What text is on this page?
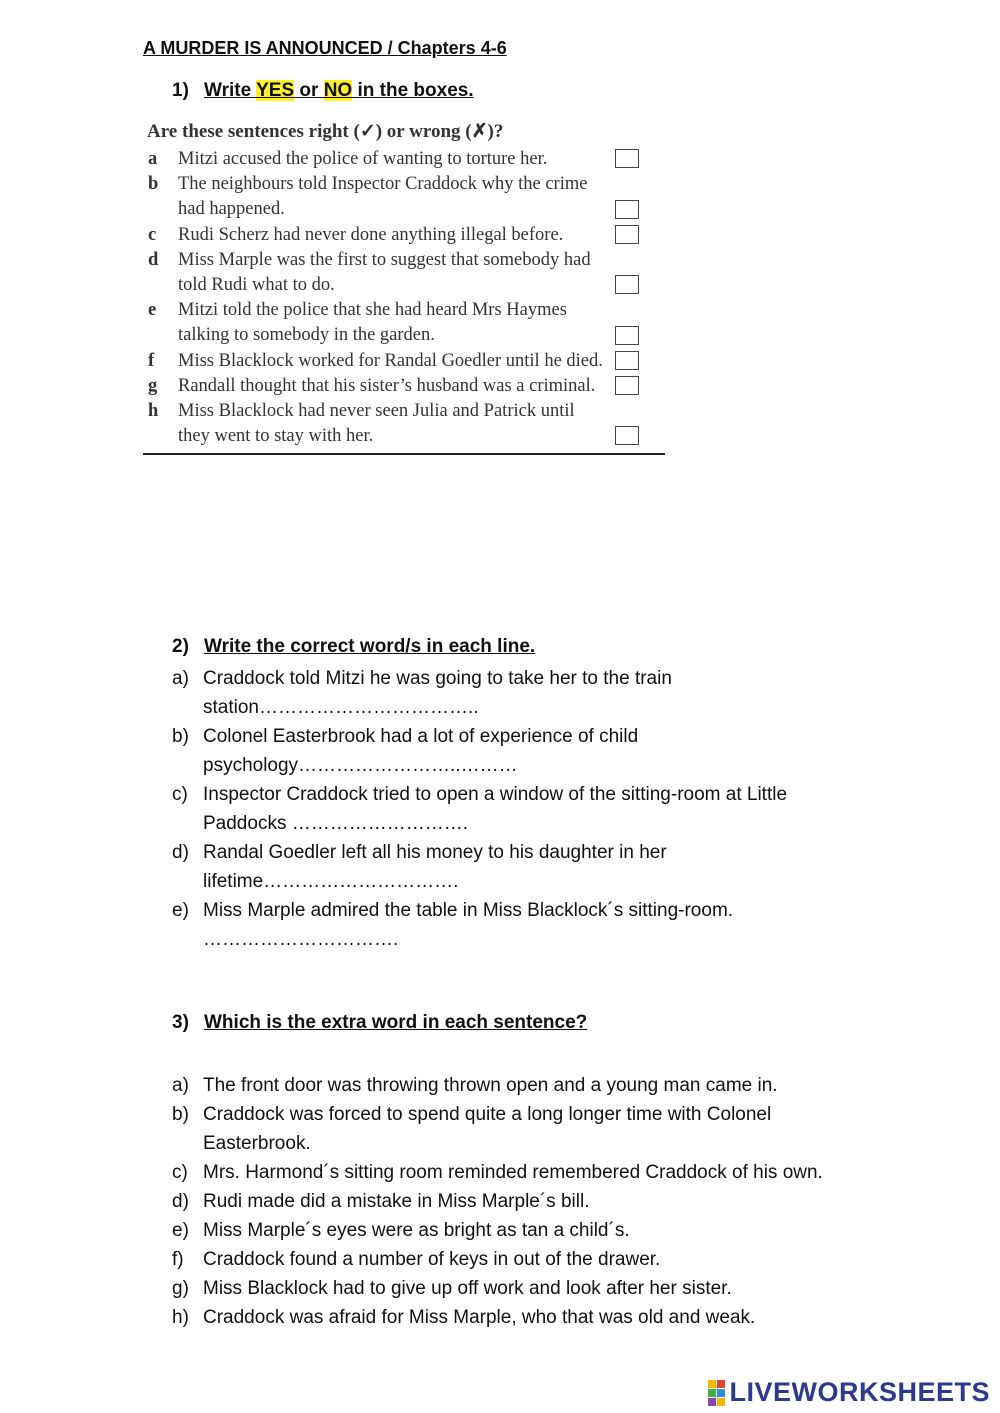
A MURDER IS ANNOUNCED / Chapters 4-6
1) Write YES or NO in the boxes.
Are these sentences right (✓) or wrong (✗)?
a	Mitzi accused the police of wanting to torture her.
b	The neighbours told Inspector Craddock why the crime had happened.
c	Rudi Scherz had never done anything illegal before.
d	Miss Marple was the first to suggest that somebody had told Rudi what to do.
e	Mitzi told the police that she had heard Mrs Haymes talking to somebody in the garden.
f	Miss Blacklock worked for Randal Goedler until he died.
g	Randall thought that his sister’s husband was a criminal.
h	Miss Blacklock had never seen Julia and Patrick until they went to stay with her.
2) Write the correct word/s in each line.
a) Craddock told Mitzi he was going to take her to the train
station……………………………..
b) Colonel Easterbrook had a lot of experience of child
psychology……………………..………
c) Inspector Craddock tried to open a window of the sitting-room at Little
Paddocks ……………………….
d) Randal Goedler left all his money to his daughter in her
lifetime………………………….
e) Miss Marple admired the table in Miss Blacklock´s sitting-room.
………………………….
3) Which is the extra word in each sentence?
a) The front door was throwing thrown open and a young man came in.
b) Craddock was forced to spend quite a long longer time with Colonel
Easterbrook.
c) Mrs. Harmond´s sitting room reminded remembered Craddock of his own.
d) Rudi made did a mistake in Miss Marple´s bill.
e) Miss Marple´s eyes were as bright as tan a child´s.
f)	Craddock found a number of keys in out of the drawer.
g) Miss Blacklock had to give up off work and look after her sister.
h) Craddock was afraid for Miss Marple, who that was old and weak.
LIVEWORKSHEETS
